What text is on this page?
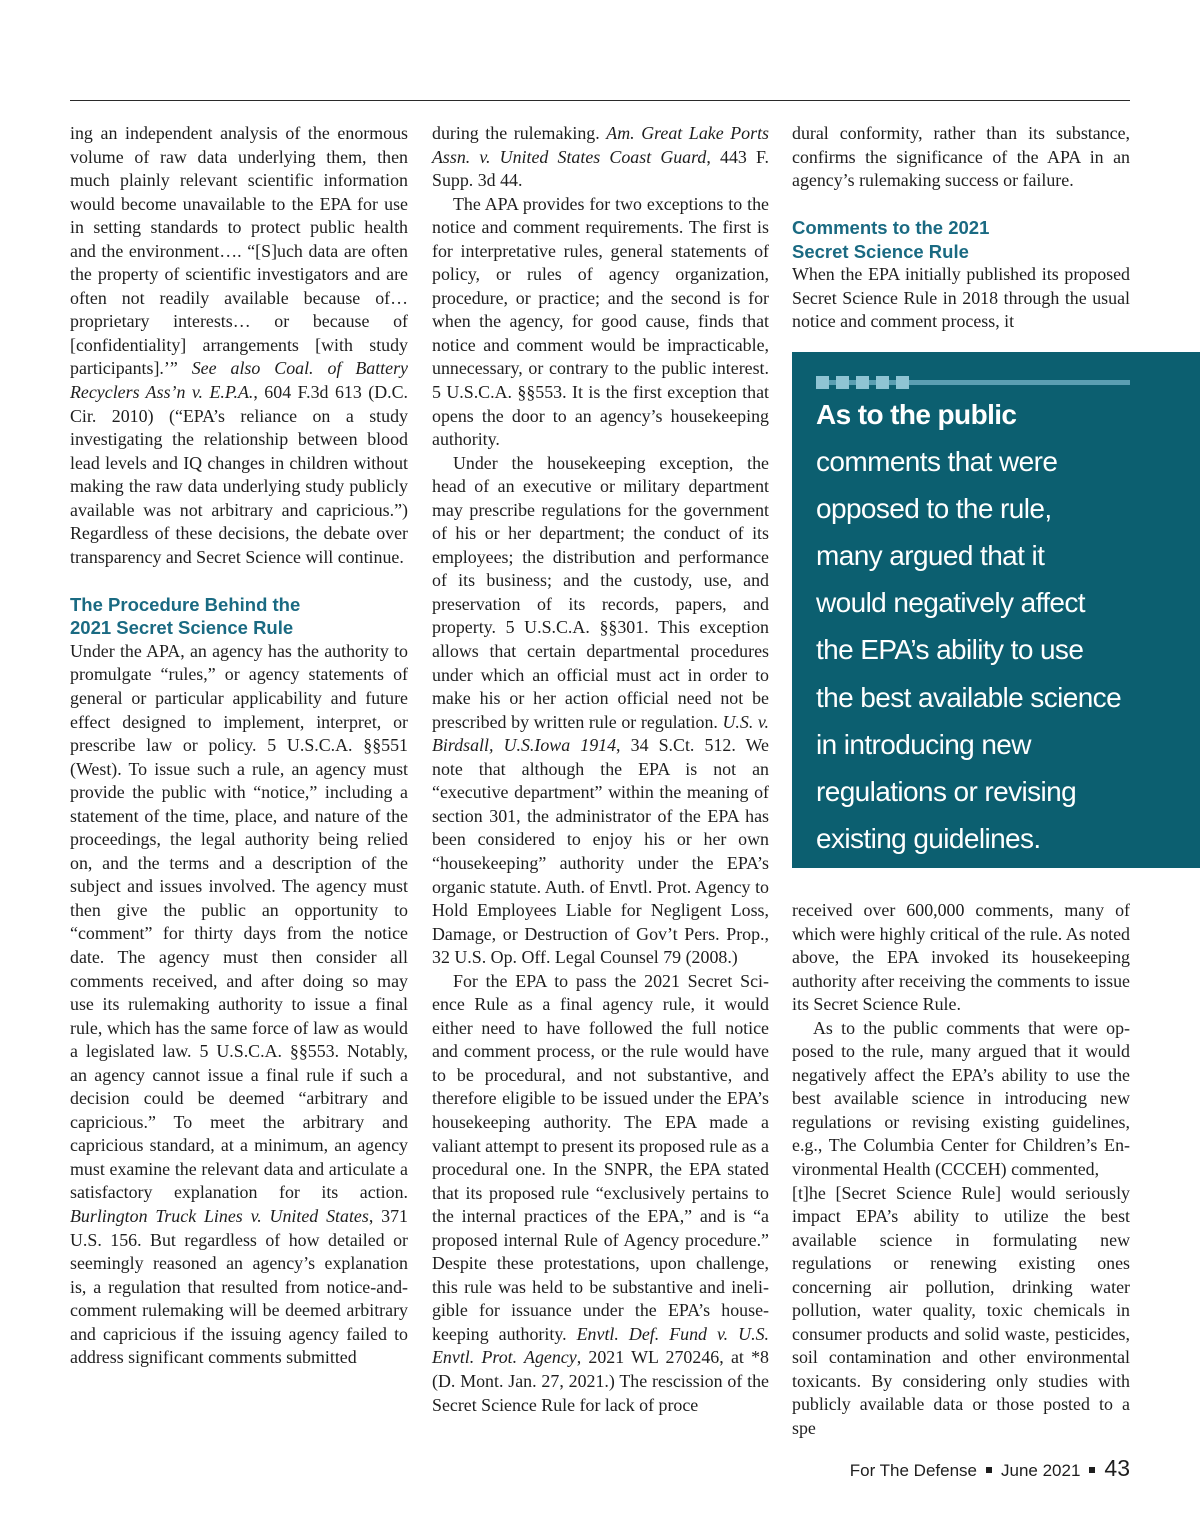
ing an independent analysis of the enormous volume of raw data underlying them, then much plainly relevant scientific information would become unavailable to the EPA for use in setting standards to protect public health and the environment…. “[S]uch data are often the property of scientific investigators and are often not readily available because of… proprietary interests… or because of [confidentiality] arrangements [with study participants].’” See also Coal. of Battery Recyclers Ass’n v. E.P.A., 604 F.3d 613 (D.C. Cir. 2010) (“EPA’s reliance on a study investigating the relationship between blood lead levels and IQ changes in children without making the raw data underlying study publicly available was not arbitrary and capricious.”) Regardless of these decisions, the debate over transparency and Secret Science will continue.

The Procedure Behind the
2021 Secret Science Rule

Under the APA, an agency has the authority to promulgate “rules,” or agency statements of general or particular applicability and future effect designed to implement, interpret, or prescribe law or policy. 5 U.S.C.A. §§551 (West). To issue such a rule, an agency must provide the public with “notice,” including a statement of the time, place, and nature of the proceedings, the legal authority being relied on, and the terms and a description of the subject and issues involved. The agency must then give the public an opportunity to “comment” for thirty days from the notice date. The agency must then consider all comments received, and after doing so may use its rulemaking authority to issue a final rule, which has the same force of law as would a legislated law. 5 U.S.C.A. §§553. Notably, an agency cannot issue a final rule if such a decision could be deemed “arbitrary and capricious.” To meet the arbitrary and capricious standard, at a minimum, an agency must examine the relevant data and articulate a satisfactory explanation for its action. Burlington Truck Lines v. United States, 371 U.S. 156. But regardless of how detailed or seemingly reasoned an agency’s explanation is, a regulation that resulted from notice-and-comment rulemaking will be deemed arbitrary and capricious if the issuing agency failed to address significant comments submitted

during the rulemaking. Am. Great Lake Ports Assn. v. United States Coast Guard, 443 F. Supp. 3d 44.

The APA provides for two exceptions to the notice and comment requirements. The first is for interpretative rules, general statements of policy, or rules of agency organization, procedure, or practice; and the second is for when the agency, for good cause, finds that notice and comment would be impracticable, unnecessary, or contrary to the public interest. 5 U.S.C.A. §§553. It is the first exception that opens the door to an agency’s housekeeping authority.

Under the housekeeping exception, the head of an executive or military department may prescribe regulations for the government of his or her department; the conduct of its employees; the distribution and performance of its business; and the custody, use, and preservation of its records, papers, and property. 5 U.S.C.A. §§301. This exception allows that certain departmental procedures under which an official must act in order to make his or her action official need not be prescribed by written rule or regulation. U.S. v. Birdsall, U.S.Iowa 1914, 34 S.Ct. 512. We note that although the EPA is not an “executive department” within the meaning of section 301, the administrator of the EPA has been considered to enjoy his or her own “housekeeping” authority under the EPA’s organic statute. Auth. of Envtl. Prot. Agency to Hold Employees Liable for Negligent Loss, Damage, or Destruction of Gov’t Pers. Prop., 32 U.S. Op. Off. Legal Counsel 79 (2008.)

For the EPA to pass the 2021 Secret Science Rule as a final agency rule, it would either need to have followed the full notice and comment process, or the rule would have to be procedural, and not substantive, and therefore eligible to be issued under the EPA’s housekeeping authority. The EPA made a valiant attempt to present its proposed rule as a procedural one. In the SNPR, the EPA stated that its proposed rule “exclusively pertains to the internal practices of the EPA,” and is “a proposed internal Rule of Agency procedure.” Despite these protestations, upon challenge, this rule was held to be substantive and ineligible for issuance under the EPA’s housekeeping authority. Envtl. Def. Fund v. U.S. Envtl. Prot. Agency, 2021 WL 270246, at *8 (D. Mont. Jan. 27, 2021.) The rescission of the Secret Science Rule for lack of proce

dural conformity, rather than its substance, confirms the significance of the APA in an agency’s rulemaking success or failure.

Comments to the 2021
Secret Science Rule

When the EPA initially published its proposed Secret Science Rule in 2018 through the usual notice and comment process, it

As to the public
comments that were
opposed to the rule,
many argued that it
would negatively affect
the EPA’s ability to use
the best available science
in introducing new
regulations or revising
existing guidelines.

received over 600,000 comments, many of which were highly critical of the rule. As noted above, the EPA invoked its housekeeping authority after receiving the comments to issue its Secret Science Rule.

As to the public comments that were opposed to the rule, many argued that it would negatively affect the EPA’s ability to use the best available science in introducing new regulations or revising existing guidelines, e.g., The Columbia Center for Children’s Environmental Health (CCCEH) commented,

[t]he [Secret Science Rule] would seriously impact EPA’s ability to utilize the best available science in formulating new regulations or renewing existing ones concerning air pollution, drinking water pollution, water quality, toxic chemicals in consumer products and solid waste, pesticides, soil contamination and other environmental toxicants. By considering only studies with publicly available data or those posted to a spe

For The Defense June 2021 43
